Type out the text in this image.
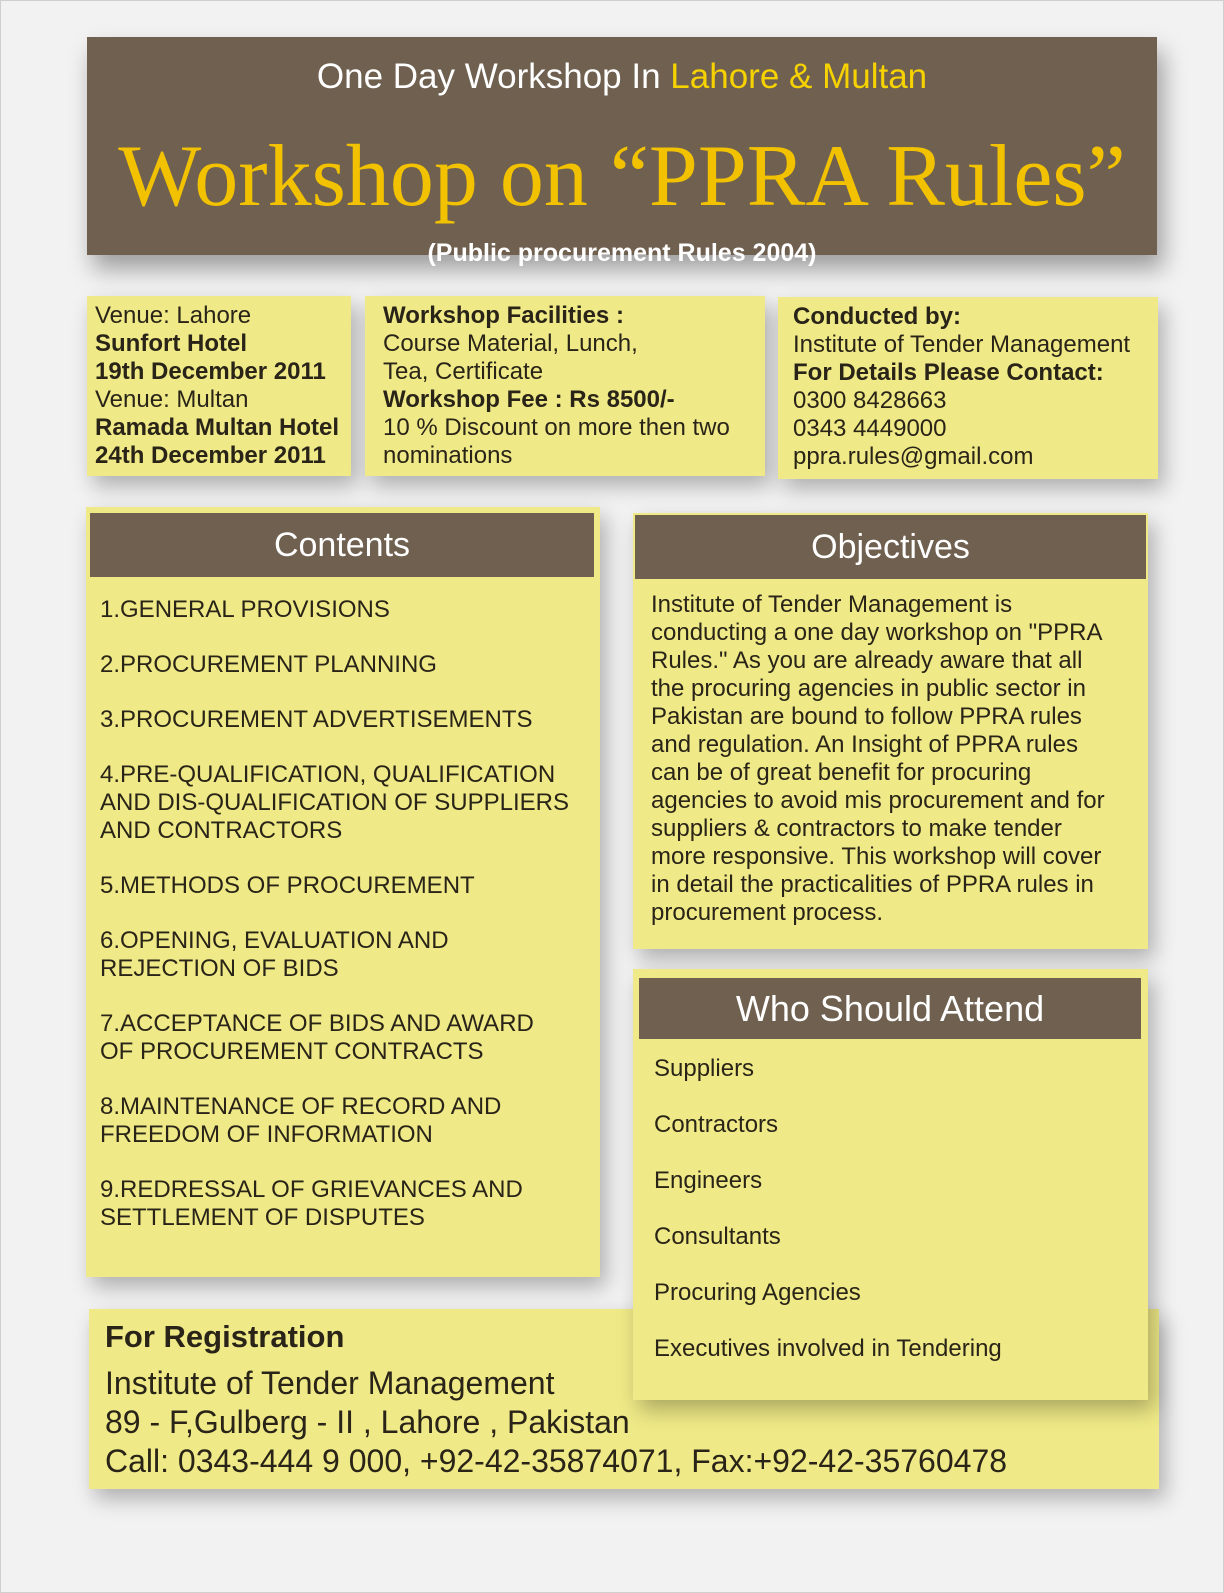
One Day Workshop In Lahore & Multan
Workshop on “PPRA Rules”
(Public procurement Rules 2004)
Venue: Lahore
Sunfort Hotel
19th December 2011
Venue: Multan
Ramada Multan Hotel
24th December 2011
Workshop Facilities :
Course Material, Lunch,
Tea, Certificate
Workshop Fee : Rs 8500/-
10 % Discount on more then two
nominations
Conducted by:
Institute of Tender Management
For Details Please Contact:
0300 8428663
0343 4449000
ppra.rules@gmail.com
Contents
1.GENERAL PROVISIONS
2.PROCUREMENT PLANNING
3.PROCUREMENT ADVERTISEMENTS
4.PRE-QUALIFICATION, QUALIFICATION
AND DIS-QUALIFICATION OF SUPPLIERS
AND CONTRACTORS
5.METHODS OF PROCUREMENT
6.OPENING, EVALUATION AND
REJECTION OF BIDS
7.ACCEPTANCE OF BIDS AND AWARD
OF PROCUREMENT CONTRACTS
8.MAINTENANCE OF RECORD AND
FREEDOM OF INFORMATION
9.REDRESSAL OF GRIEVANCES AND
SETTLEMENT OF DISPUTES
Objectives
Institute of Tender Management is
conducting a one day workshop on "PPRA
Rules." As you are already aware that all
the procuring agencies in public sector in
Pakistan are bound to follow PPRA rules
and regulation. An Insight of PPRA rules
can be of great benefit for procuring
agencies to avoid mis procurement and for
suppliers & contractors to make tender
more responsive. This workshop will cover
in detail the practicalities of PPRA rules in
procurement process.
For Registration
Institute of Tender Management
89 - F,Gulberg - II , Lahore , Pakistan
Call: 0343-444 9 000, +92-42-35874071, Fax:+92-42-35760478
Who Should Attend
Suppliers
Contractors
Engineers
Consultants
Procuring Agencies
Executives involved in Tendering
